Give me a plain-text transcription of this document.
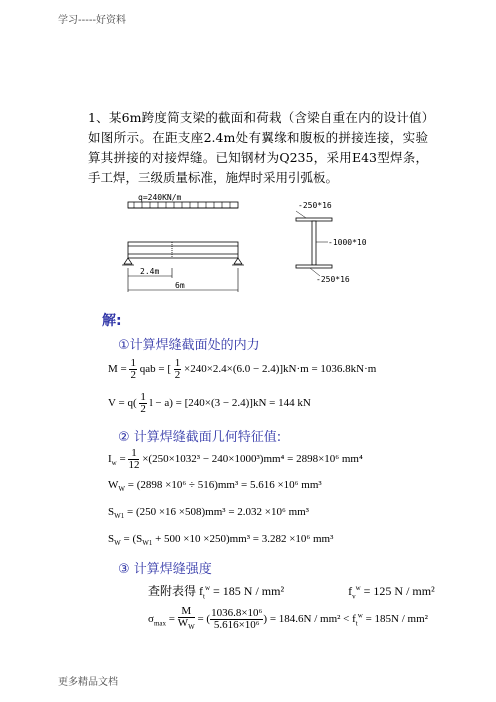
学习-----好资料
1、某6m跨度简支梁的截面和荷栽（含梁自重在内的设计值）如图所示。在距支座2.4m处有翼缘和腹板的拼接连接，实验算其拼接的对接焊缝。已知钢材为Q235，采用E43型焊条，手工焊，三级质量标准，施焊时采用引弧板。
q=240KN/m
2.4m
6m
-250*16
-1000*10
-250*16
解:
①计算焊缝截面处的内力
$M = \frac{1}{2}$ qab = [ $\frac{1}{2} \times 240\times 2.4\times(6.0 - 2.4)]kN\cdot m = 1036.8kN\cdot m$
$V = q( \frac{1}{2}$ l − a) = [240×(3 − 2.4)]kN = 144 kN
② 计算焊缝截面几何特征值:
$I_w = \frac{1}{12} \times(250\times 1032^3 - 240\times 1000^3)mm^4 = 2898\times 10^6$ mm⁴
$W_W = (2898 \times 10^6 \div 516)mm^3 = 5.616 \times 10^6$ mm³
$S_{W1} = (250 \times 16 \times 508)mm^3 = 2.032 \times 10^6$ mm³
$S_W = (S_{W1} + 500 \times 10 \times 250)mm^3 = 3.282 \times 10^6$ mm³
③ 计算焊缝强度
查附表得 $f_t^w = 185$ N / mm²	$f_v^w = 125$ N / mm²
$\sigma_{max} = \frac{M}{W_W}$ = ( $\frac{\text{1036.8×10⁶}}{\text{5.616×10⁶}}$ ) = $184.6N / mm^2 < f_t^w = 185N / mm^2$
更多精品文档
